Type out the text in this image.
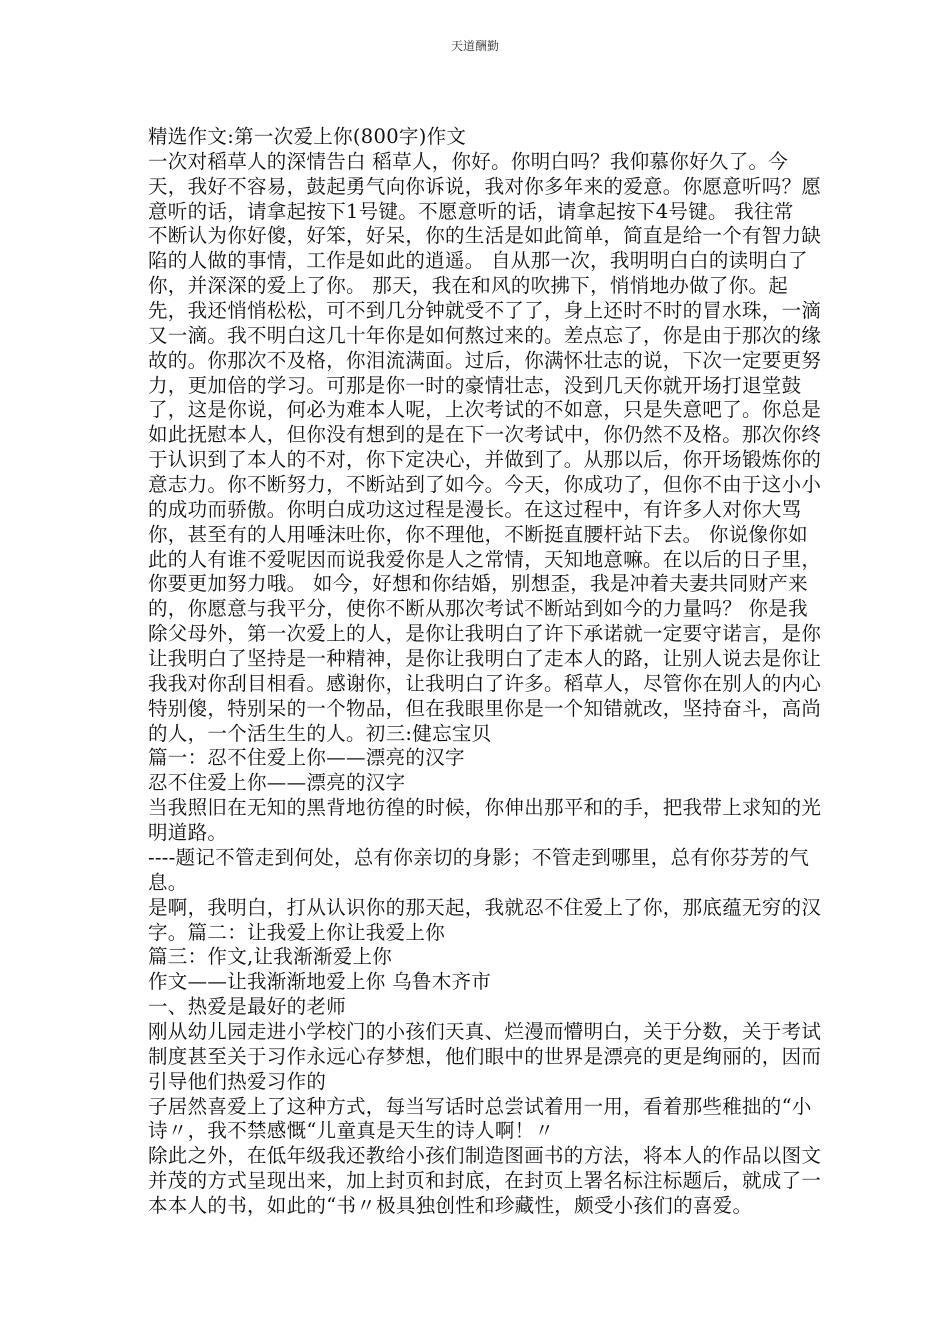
天道酬勤
精选作文:第一次爱上你(800字)作文
一次对稻草人的深情告白 稻草人，你好。你明白吗？我仰慕你好久了。今
天，我好不容易，鼓起勇气向你诉说，我对你多年来的爱意。你愿意听吗？愿
意听的话，请拿起按下1号键。不愿意听的话，请拿起按下4号键。 我往常
不断认为你好傻，好笨，好呆，你的生活是如此简单，简直是给一个有智力缺
陷的人做的事情，工作是如此的逍遥。 自从那一次，我明明白白的读明白了
你，并深深的爱上了你。 那天，我在和风的吹拂下，悄悄地办做了你。起
先，我还悄悄松松，可不到几分钟就受不了了，身上还时不时的冒水珠，一滴
又一滴。我不明白这几十年你是如何熬过来的。差点忘了，你是由于那次的缘
故的。你那次不及格，你泪流满面。过后，你满怀壮志的说，下次一定要更努
力，更加倍的学习。可那是你一时的豪情壮志，没到几天你就开场打退堂鼓
了，这是你说，何必为难本人呢，上次考试的不如意，只是失意吧了。你总是
如此抚慰本人，但你没有想到的是在下一次考试中，你仍然不及格。那次你终
于认识到了本人的不对，你下定决心，并做到了。从那以后，你开场锻炼你的
意志力。你不断努力，不断站到了如今。今天，你成功了，但你不由于这小小
的成功而骄傲。你明白成功这过程是漫长。在这过程中，有许多人对你大骂
你，甚至有的人用唾沫吐你，你不理他，不断挺直腰杆站下去。 你说像你如
此的人有谁不爱呢因而说我爱你是人之常情，天知地意嘛。在以后的日子里，
你要更加努力哦。 如今，好想和你结婚，别想歪，我是冲着夫妻共同财产来
的，你愿意与我平分，使你不断从那次考试不断站到如今的力量吗？ 你是我
除父母外，第一次爱上的人，是你让我明白了许下承诺就一定要守诺言，是你
让我明白了坚持是一种精神，是你让我明白了走本人的路，让别人说去是你让
我我对你刮目相看。感谢你，让我明白了许多。稻草人，尽管你在别人的内心
特别傻，特别呆的一个物品，但在我眼里你是一个知错就改，坚持奋斗，高尚
的人，一个活生生的人。初三:健忘宝贝
篇一：忍不住爱上你——漂亮的汉字
忍不住爱上你——漂亮的汉字
当我照旧在无知的黑背地彷徨的时候，你伸出那平和的手，把我带上求知的光
明道路。
----题记不管走到何处，总有你亲切的身影；不管走到哪里，总有你芬芳的气
息。
是啊，我明白，打从认识你的那天起，我就忍不住爱上了你，那底蕴无穷的汉
字。篇二：让我爱上你让我爱上你
篇三：作文,让我渐渐爱上你
作文——让我渐渐地爱上你 乌鲁木齐市
一、热爱是最好的老师
刚从幼儿园走进小学校门的小孩们天真、烂漫而懵明白，关于分数，关于考试
制度甚至关于习作永远心存梦想，他们眼中的世界是漂亮的更是绚丽的，因而
引导他们热爱习作的
子居然喜爱上了这种方式，每当写话时总尝试着用一用，看着那些稚拙的“小
诗〃，我不禁感慨“儿童真是天生的诗人啊！〃
除此之外，在低年级我还教给小孩们制造图画书的方法，将本人的作品以图文
并茂的方式呈现出来，加上封页和封底，在封页上署名标注标题后，就成了一
本本人的书，如此的“书〃极具独创性和珍藏性，颇受小孩们的喜爱。
